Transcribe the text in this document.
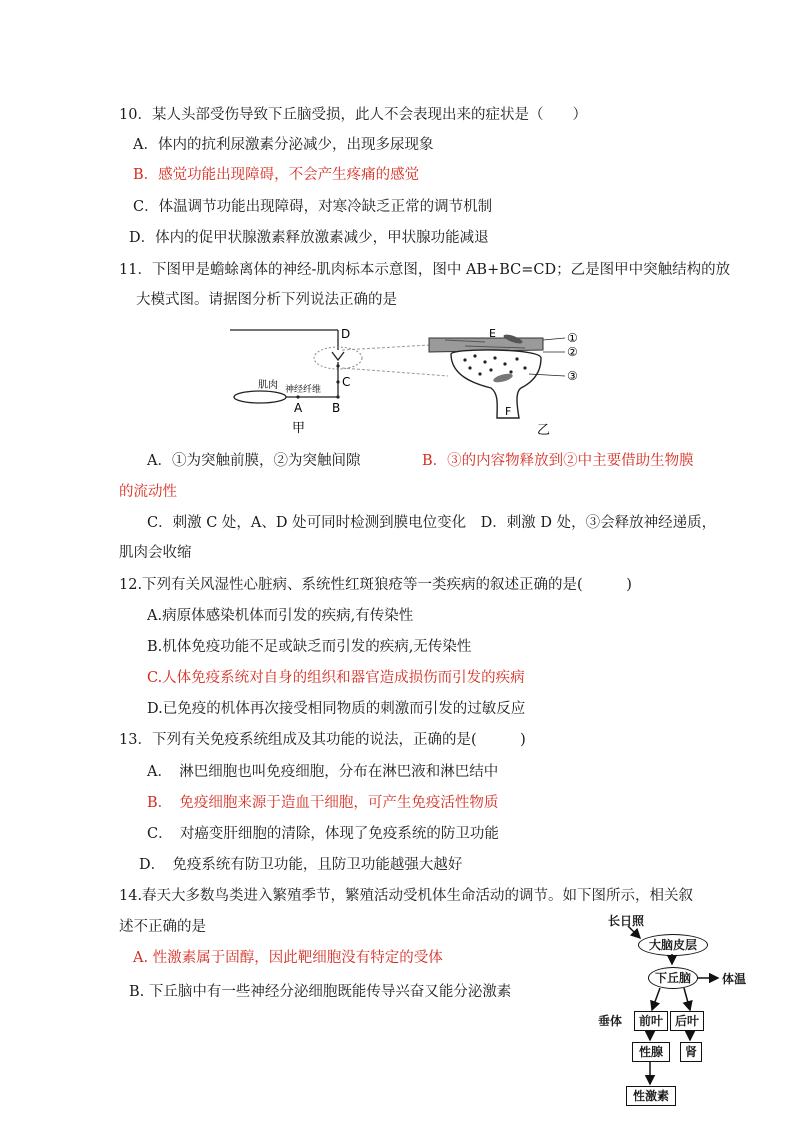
10．某人头部受伤导致下丘脑受损，此人不会表现出来的症状是（　　）
A．体内的抗利尿激素分泌减少，出现多尿现象
B．感觉功能出现障碍，不会产生疼痛的感觉
C．体温调节功能出现障碍，对寒冷缺乏正常的调节机制
D．体内的促甲状腺激素释放激素减少，甲状腺功能减退
11．下图甲是蟾蜍离体的神经-肌肉标本示意图，图中 AB+BC=CD；乙是图甲中突触结构的放
大模式图。请据图分析下列说法正确的是
D
C
肌肉 神经纤维
A B
甲
E	①
②
③
F
乙
A．①为突触前膜，②为突触间隙	B．③的内容物释放到②中主要借助生物膜
的流动性
C．刺激 C 处，A、D 处可同时检测到膜电位变化　D．刺激 D 处，③会释放神经递质，
肌肉会收缩
12.下列有关风湿性心脏病、系统性红斑狼疮等一类疾病的叙述正确的是(　　　)
A.病原体感染机体而引发的疾病,有传染性
B.机体免疫功能不足或缺乏而引发的疾病,无传染性
C.人体免疫系统对自身的组织和器官造成损伤而引发的疾病
D.已免疫的机体再次接受相同物质的刺激而引发的过敏反应
13．下列有关免疫系统组成及其功能的说法，正确的是(　　　)
A．　淋巴细胞也叫免疫细胞，分布在淋巴液和淋巴结中
B．　免疫细胞来源于造血干细胞，可产生免疫活性物质
C．　对癌变肝细胞的清除，体现了免疫系统的防卫功能
D．　免疫系统有防卫功能，且防卫功能越强大越好
14.春天大多数鸟类进入繁殖季节，繁殖活动受机体生命活动的调节。如下图所示，相关叙
述不正确的是
A. 性激素属于固醇，因此靶细胞没有特定的受体
B. 下丘脑中有一些神经分泌细胞既能传导兴奋又能分泌激素
长日照
大脑皮层
下丘脑	体温
垂体	前叶 后叶
性腺	肾
性激素
